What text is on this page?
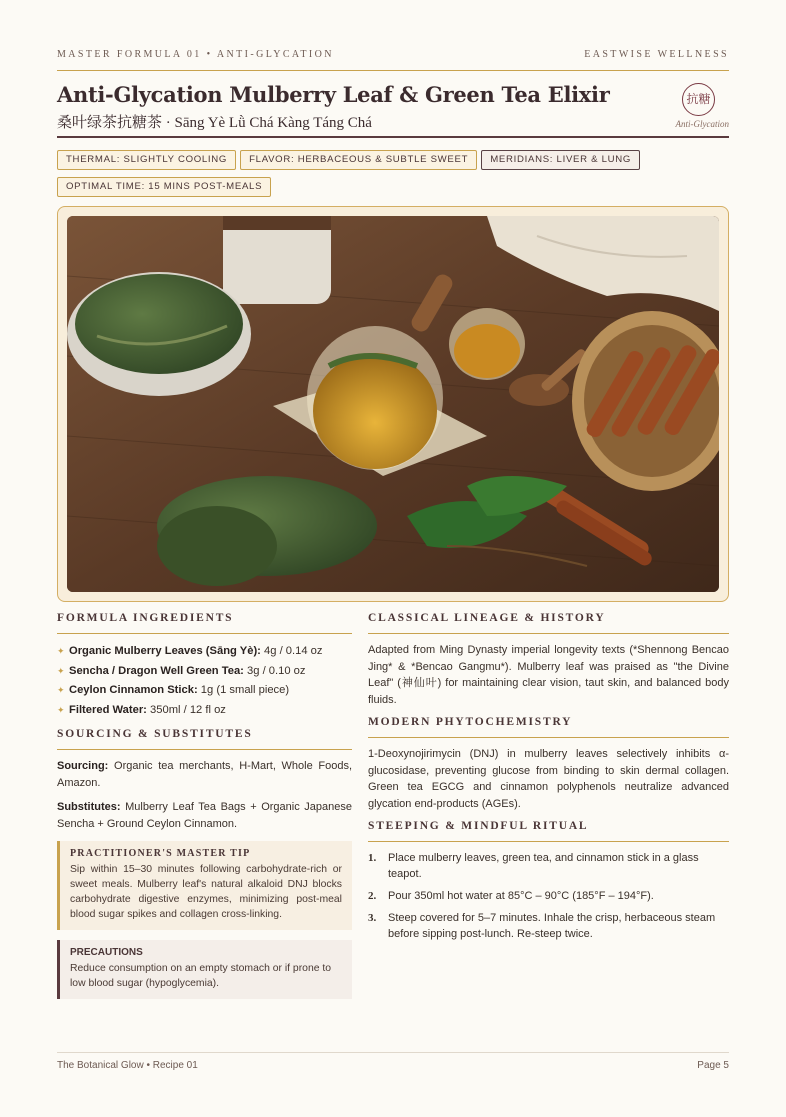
MASTER FORMULA 01 • ANTI-GLYCATION	EASTWISE WELLNESS
Anti-Glycation Mulberry Leaf & Green Tea Elixir
桑叶绿茶抗糖茶 · Sāng Yè Lǜ Chá Kàng Táng Chá
抗糖
Anti-Glycation
THERMAL: SLIGHTLY COOLING FLAVOR: HERBACEOUS & SUBTLE SWEET MERIDIANS: LIVER & LUNG
OPTIMAL TIME: 15 MINS POST-MEALS
FORMULA INGREDIENTS
✦ Organic Mulberry Leaves (Sāng Yè): 4g / 0.14 oz
✦ Sencha / Dragon Well Green Tea: 3g / 0.10 oz
✦ Ceylon Cinnamon Stick: 1g (1 small piece)
✦ Filtered Water: 350ml / 12 fl oz
SOURCING & SUBSTITUTES

Sourcing: Organic tea merchants, H-Mart, Whole Foods, Amazon.

Substitutes: Mulberry Leaf Tea Bags + Organic Japanese Sencha + Ground Ceylon Cinnamon.

PRACTITIONER'S MASTER TIP
Sip within 15–30 minutes following carbohydrate-rich or sweet meals. Mulberry leaf's natural alkaloid DNJ blocks carbohydrate digestive enzymes, minimizing post-meal blood sugar spikes and collagen cross-linking.
PRECAUTIONS
Reduce consumption on an empty stomach or if prone to low blood sugar (hypoglycemia).
CLASSICAL LINEAGE & HISTORY

Adapted from Ming Dynasty imperial longevity texts (*Shennong Bencao Jing* & *Bencao Gangmu*). Mulberry leaf was praised as "the Divine Leaf" (神仙叶) for maintaining clear vision, taut skin, and balanced body fluids.

MODERN PHYTOCHEMISTRY

1-Deoxynojirimycin (DNJ) in mulberry leaves selectively inhibits α-glucosidase, preventing glucose from binding to skin dermal collagen. Green tea EGCG and cinnamon polyphenols neutralize advanced glycation end-products (AGEs).

STEEPING & MINDFUL RITUAL
1. Place mulberry leaves, green tea, and cinnamon stick in a glass teapot.
2. Pour 350ml hot water at 85°C – 90°C (185°F – 194°F).
3. Steep covered for 5–7 minutes. Inhale the crisp, herbaceous steam before sipping post-lunch. Re-steep twice.
The Botanical Glow • Recipe 01	Page 5
